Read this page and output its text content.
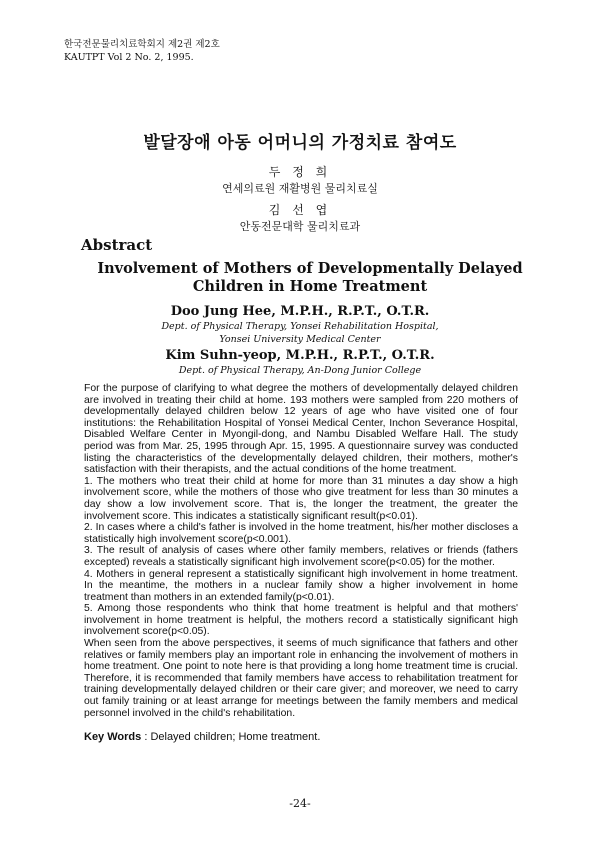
한국전문물리치료학회지 제2권 제2호
KAUTPT Vol 2 No. 2, 1995.
발달장애 아동 어머니의 가정치료 참여도
두 정 희
연세의료원 재활병원 물리치료실
김 선 엽
안동전문대학 물리치료과
Abstract
Involvement of Mothers of Developmentally Delayed Children in Home Treatment
Doo Jung Hee, M.P.H., R.P.T., O.T.R.
Dept. of Physical Therapy, Yonsei Rehabilitation Hospital,
Yonsei University Medical Center
Kim Suhn-yeop, M.P.H., R.P.T., O.T.R.
Dept. of Physical Therapy, An-Dong Junior College

For the purpose of clarifying to what degree the mothers of developmentally delayed children are involved in treating their child at home. 193 mothers were sampled from 220 mothers of developmentally delayed children below 12 years of age who have visited one of four institutions: the Rehabilitation Hospital of Yonsei Medical Center, Inchon Severance Hospital, Disabled Welfare Center in Myongil-dong, and Nambu Disabled Welfare Hall. The study period was from Mar. 25, 1995 through Apr. 15, 1995. A questionnaire survey was conducted listing the characteristics of the developmentally delayed children, their mothers, mother's satisfaction with their therapists, and the actual conditions of the home treatment.

1. The mothers who treat their child at home for more than 31 minutes a day show a high involvement score, while the mothers of those who give treatment for less than 30 minutes a day show a low involvement score. That is, the longer the treatment, the greater the involvement score. This indicates a statistically significant result(p<0.01).

2. In cases where a child's father is involved in the home treatment, his/her mother discloses a statistically high involvement score(p<0.001).

3. The result of analysis of cases where other family members, relatives or friends (fathers excepted) reveals a statistically significant high involvement score(p<0.05) for the mother.

4. Mothers in general represent a statistically significant high involvement in home treatment. In the meantime, the mothers in a nuclear family show a higher involvement in home treatment than mothers in an extended family(p<0.01).

5. Among those respondents who think that home treatment is helpful and that mothers' involvement in home treatment is helpful, the mothers record a statistically significant high involvement score(p<0.05).

When seen from the above perspectives, it seems of much significance that fathers and other relatives or family members play an important role in enhancing the involvement of mothers in home treatment. One point to note here is that providing a long home treatment time is crucial. Therefore, it is recommended that family members have access to rehabilitation treatment for training developmentally delayed children or their care giver; and moreover, we need to carry out family training or at least arrange for meetings between the family members and medical personnel involved in the child's rehabilitation.

Key Words : Delayed children; Home treatment.
-24-
